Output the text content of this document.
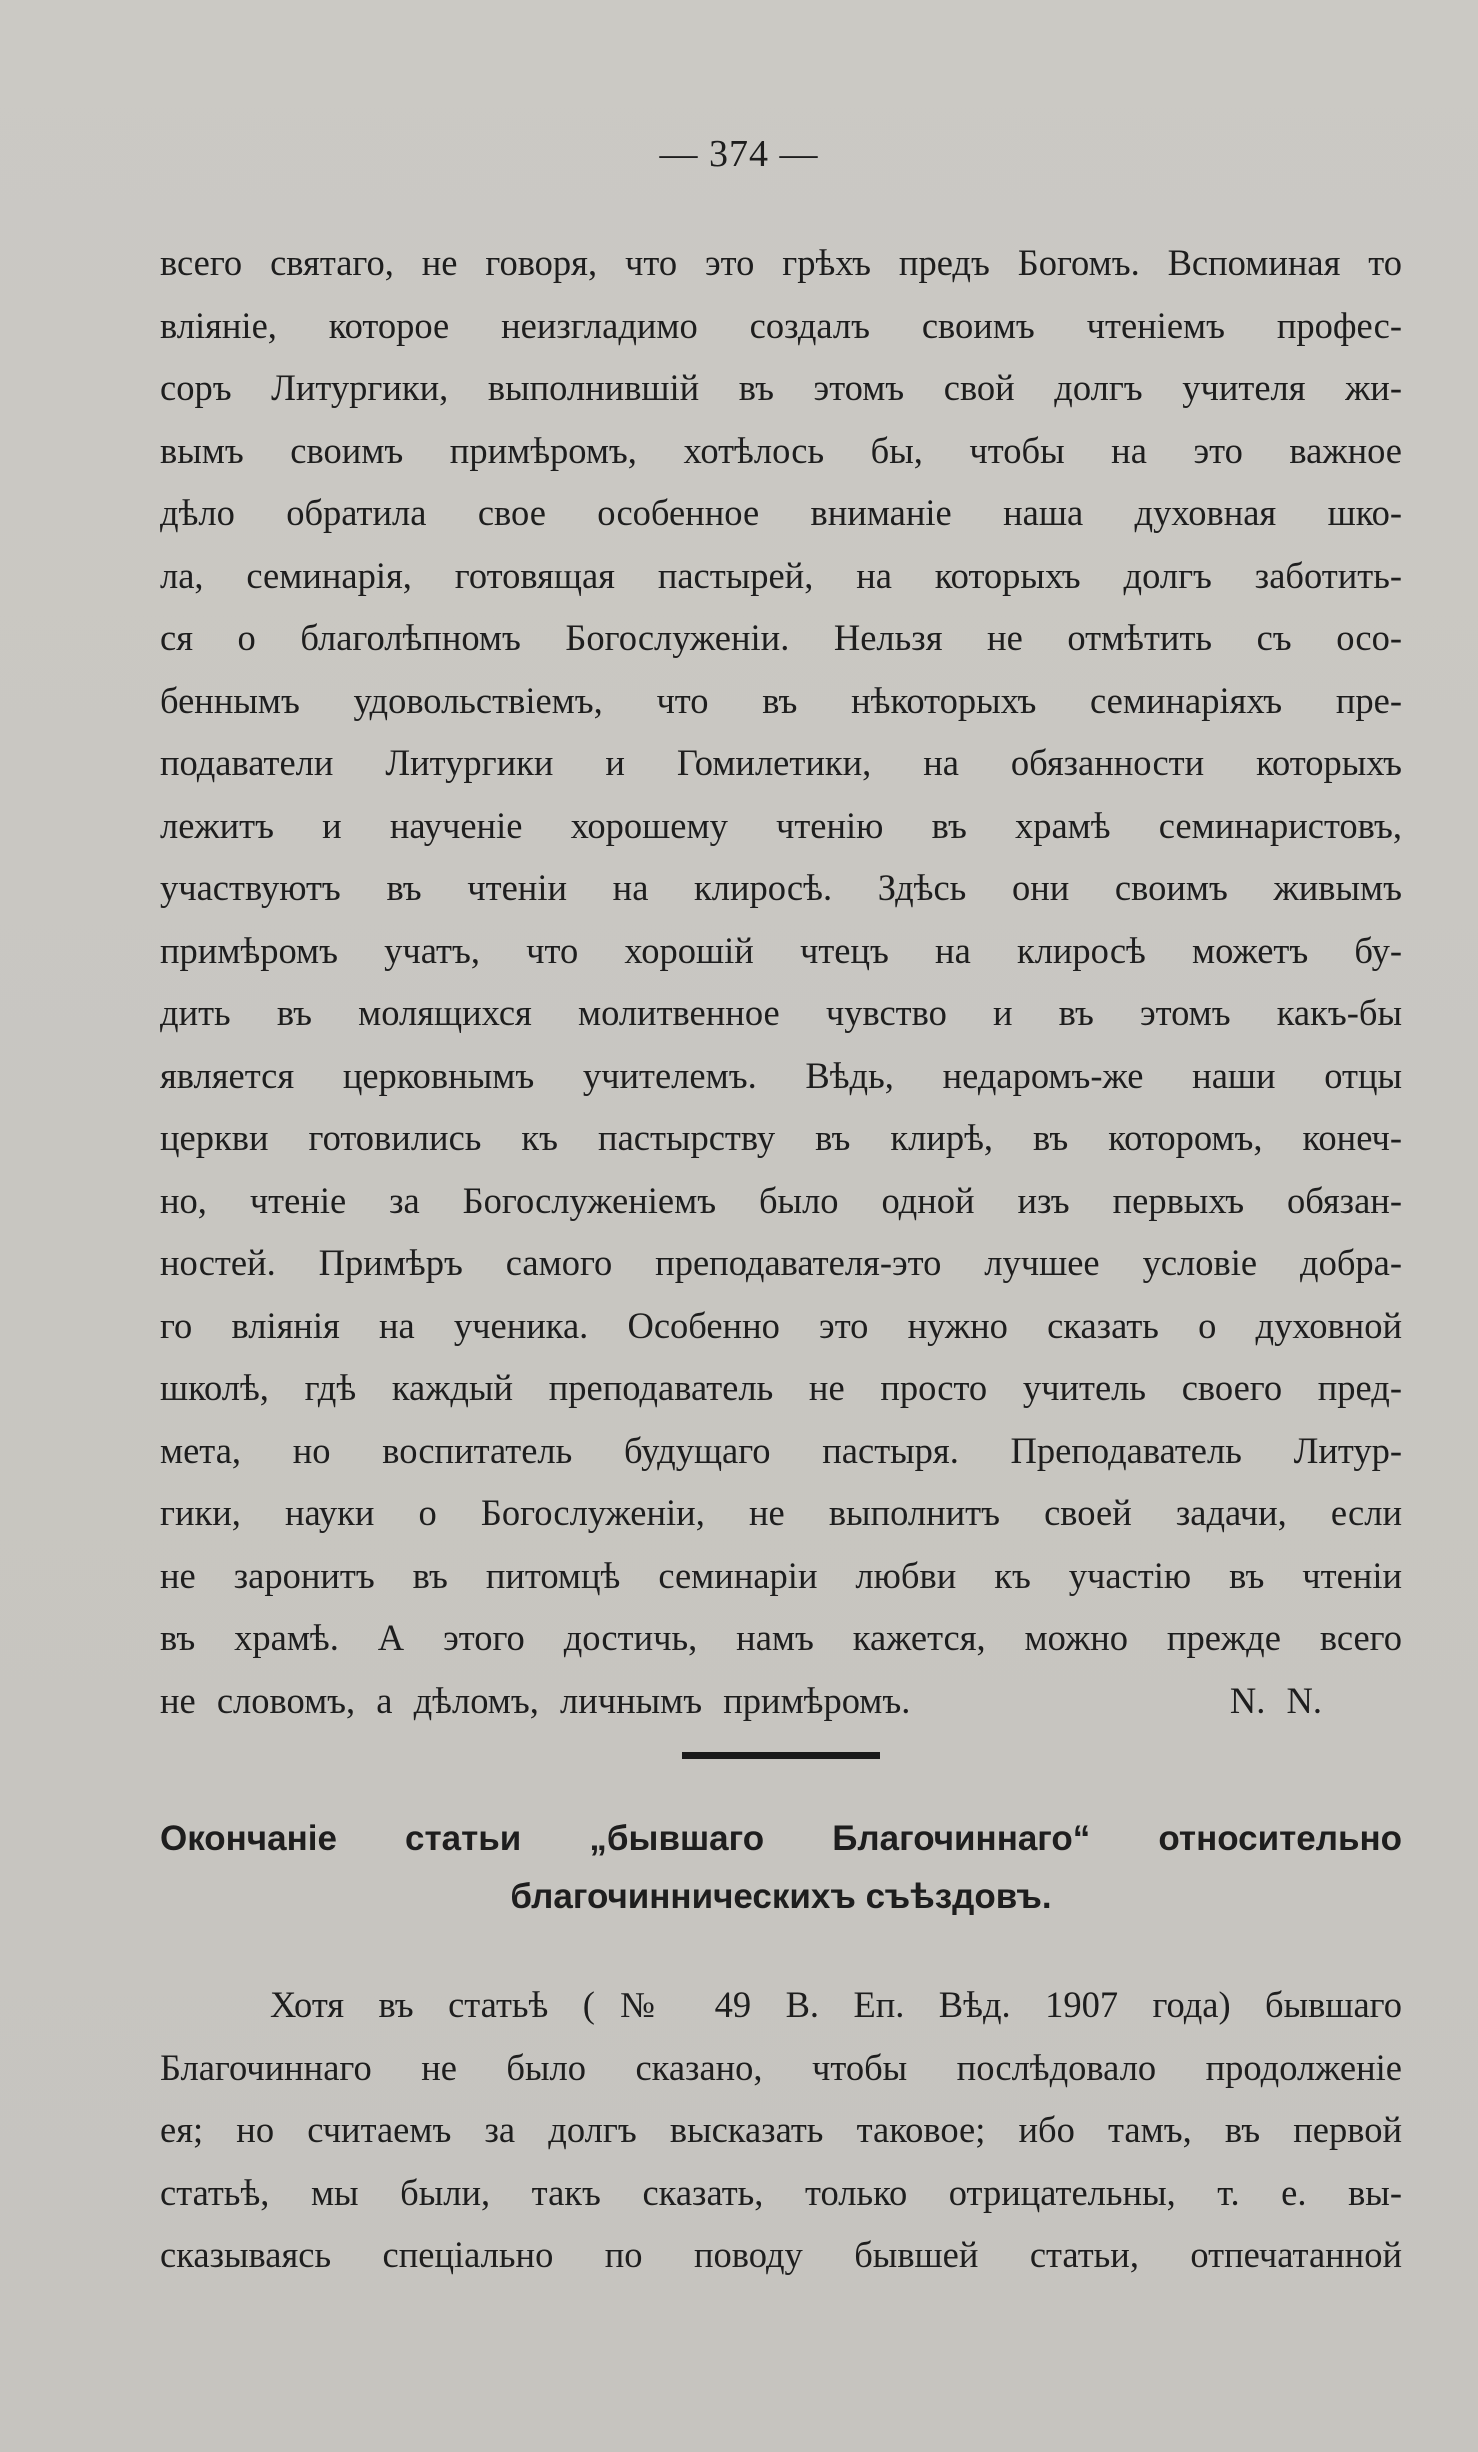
— 374 —
всего святаго, не говоря, что это грѣхъ предъ Богомъ. Вспоминая то
вліяніе, которое неизгладимо создалъ своимъ чтеніемъ профес-
соръ Литургики, выполнившій въ этомъ свой долгъ учителя жи-
вымъ своимъ примѣромъ, хотѣлось бы, чтобы на это важное
дѣло обратила свое особенное вниманіе наша духовная шко-
ла, семинарія, готовящая пастырей, на которыхъ долгъ заботить-
ся о благолѣпномъ Богослуженіи. Нельзя не отмѣтить съ осо-
беннымъ удовольствіемъ, что въ нѣкоторыхъ семинаріяхъ пре-
подаватели Литургики и Гомилетики, на обязанности которыхъ
лежитъ и наученіе хорошему чтенію въ храмѣ семинаристовъ,
участвуютъ въ чтеніи на клиросѣ. Здѣсь они своимъ живымъ
примѣромъ учатъ, что хорошій чтецъ на клиросѣ можетъ бу-
дить въ молящихся молитвенное чувство и въ этомъ какъ-бы
является церковнымъ учителемъ. Вѣдь, недаромъ-же наши отцы
церкви готовились къ пастырству въ клирѣ, въ которомъ, конеч-
но, чтеніе за Богослуженіемъ было одной изъ первыхъ обязан-
ностей. Примѣръ самого преподавателя-это лучшее условіе добра-
го вліянія на ученика. Особенно это нужно сказать о духовной
школѣ, гдѣ каждый преподаватель не просто учитель своего пред-
мета, но воспитатель будущаго пастыря. Преподаватель Литур-
гики, науки о Богослуженіи, не выполнитъ своей задачи, если
не заронитъ въ питомцѣ семинаріи любви къ участію въ чтеніи
въ храмѣ. А этого достичь, намъ кажется, можно прежде всего
не словомъ, а дѣломъ, личнымъ примѣромъ.	N. N.
Окончаніе статьи „бывшаго Благочиннаго“ относительно
благочинническихъ съѣздовъ.
Хотя въ статьѣ (№ 49 В. Еп. Вѣд. 1907 года) бывшаго
Благочиннаго не было сказано, чтобы послѣдовало продолженіе
ея; но считаемъ за долгъ высказать таковое; ибо тамъ, въ первой
статьѣ, мы были, такъ сказать, только отрицательны, т. е. вы-
сказываясь спеціально по поводу бывшей статьи, отпечатанной
